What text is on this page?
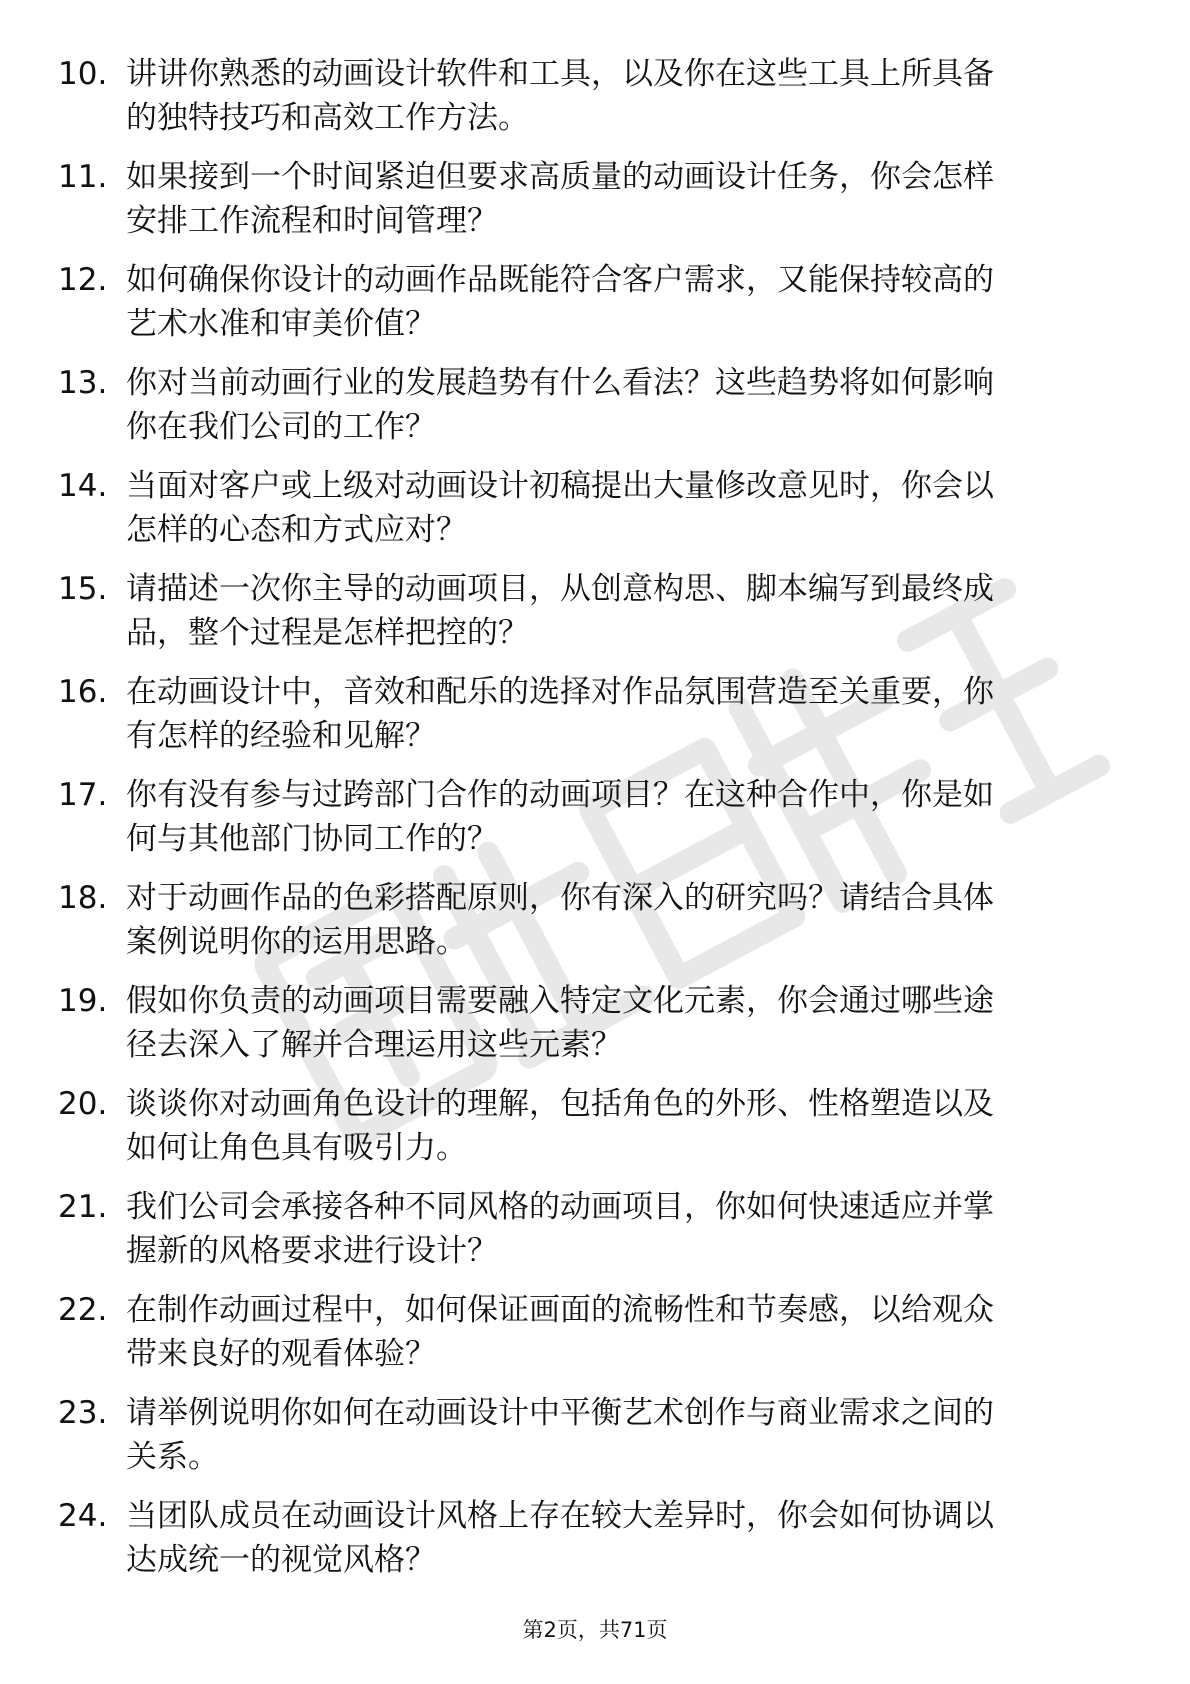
10. 讲讲你熟悉的动画设计软件和工具，以及你在这些工具上所具备
的独特技巧和高效工作方法。
11. 如果接到一个时间紧迫但要求高质量的动画设计任务，你会怎样
安排工作流程和时间管理？
12. 如何确保你设计的动画作品既能符合客户需求，又能保持较高的
艺术水准和审美价值？
13. 你对当前动画行业的发展趋势有什么看法？这些趋势将如何影响
你在我们公司的工作？
14. 当面对客户或上级对动画设计初稿提出大量修改意见时，你会以
怎样的心态和方式应对？
15. 请描述一次你主导的动画项目，从创意构思、脚本编写到最终成
品，整个过程是怎样把控的？
16. 在动画设计中，音效和配乐的选择对作品氛围营造至关重要，你
有怎样的经验和见解？
17. 你有没有参与过跨部门合作的动画项目？在这种合作中，你是如
何与其他部门协同工作的？
18. 对于动画作品的色彩搭配原则，你有深入的研究吗？请结合具体
案例说明你的运用思路。
19. 假如你负责的动画项目需要融入特定文化元素，你会通过哪些途
径去深入了解并合理运用这些元素？
20. 谈谈你对动画角色设计的理解，包括角色的外形、性格塑造以及
如何让角色具有吸引力。
21. 我们公司会承接各种不同风格的动画项目，你如何快速适应并掌
握新的风格要求进行设计？
22. 在制作动画过程中，如何保证画面的流畅性和节奏感，以给观众
带来良好的观看体验？
23. 请举例说明你如何在动画设计中平衡艺术创作与商业需求之间的
关系。
24. 当团队成员在动画设计风格上存在较大差异时，你会如何协调以
达成统一的视觉风格？
第2页，共71页
